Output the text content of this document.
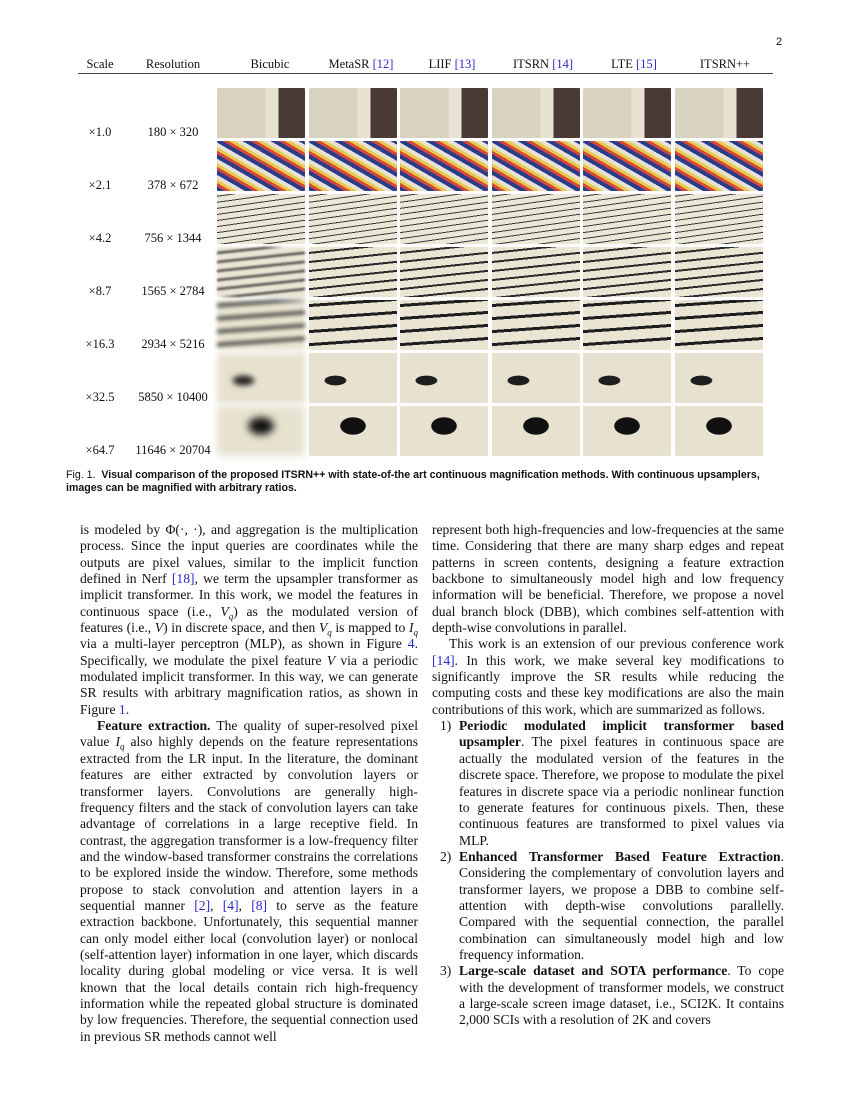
2
Scale	Resolution	Bicubic	MetaSR [12]	LIIF [13]	ITSRN [14]	LTE [15]	ITSRN++
×1.0	180 × 320
×2.1	378 × 672
×4.2	756 × 1344
×8.7 1565 × 2784
×16.3 2934 × 5216
×32.5 5850 × 10400
×64.7 11646 × 20704
Fig. 1. Visual comparison of the proposed ITSRN++ with state-of-the art continuous magnification methods. With continuous upsamplers, images can be magnified with arbitrary ratios.

is modeled by Φ(·, ·), and aggregation is the multiplication process. Since the input queries are coordinates while the outputs are pixel values, similar to the implicit function defined in Nerf [18], we term the upsampler transformer as implicit transformer. In this work, we model the features in continuous space (i.e., $V_q$) as the modulated version of features (i.e., V) in discrete space, and then $V_q$ is mapped to $I_q$ via a multi-layer perceptron (MLP), as shown in Figure 4. Specifically, we modulate the pixel feature V via a periodic modulated implicit transformer. In this way, we can generate SR results with arbitrary magnification ratios, as shown in Figure 1.

Feature extraction. The quality of super-resolved pixel value $I_q$ also highly depends on the feature representations extracted from the LR input. In the literature, the dominant features are either extracted by convolution layers or transformer layers. Convolutions are generally high-frequency filters and the stack of convolution layers can take advantage of correlations in a large receptive field. In contrast, the aggregation transformer is a low-frequency filter and the window-based transformer constrains the correlations to be explored inside the window. Therefore, some methods propose to stack convolution and attention layers in a sequential manner [2], [4], [8] to serve as the feature extraction backbone. Unfortunately, this sequential manner can only model either local (convolution layer) or nonlocal (self-attention layer) information in one layer, which discards locality during global modeling or vice versa. It is well known that the local details contain rich high-frequency information while the repeated global structure is dominated by low frequencies. Therefore, the sequential connection used in previous SR methods cannot well

represent both high-frequencies and low-frequencies at the same time. Considering that there are many sharp edges and repeat patterns in screen contents, designing a feature extraction backbone to simultaneously model high and low frequency information will be beneficial. Therefore, we propose a novel dual branch block (DBB), which combines self-attention with depth-wise convolutions in parallel.

This work is an extension of our previous conference work [14]. In this work, we make several key modifications to significantly improve the SR results while reducing the computing costs and these key modifications are also the main contributions of this work, which are summarized as follows.

1) Periodic modulated implicit transformer based upsampler. The pixel features in continuous space are actually the modulated version of the features in the discrete space. Therefore, we propose to modulate the pixel features in discrete space via a periodic nonlinear function to generate features for continuous pixels. Then, these continuous features are transformed to pixel values via MLP.
2) Enhanced Transformer Based Feature Extraction. Considering the complementary of convolution layers and transformer layers, we propose a DBB to combine self-attention with depth-wise convolutions parallelly. Compared with the sequential connection, the parallel combination can simultaneously model high and low frequency information.
3) Large-scale dataset and SOTA performance. To cope with the development of transformer models, we construct a large-scale screen image dataset, i.e., SCI2K. It contains 2,000 SCIs with a resolution of 2K and covers
